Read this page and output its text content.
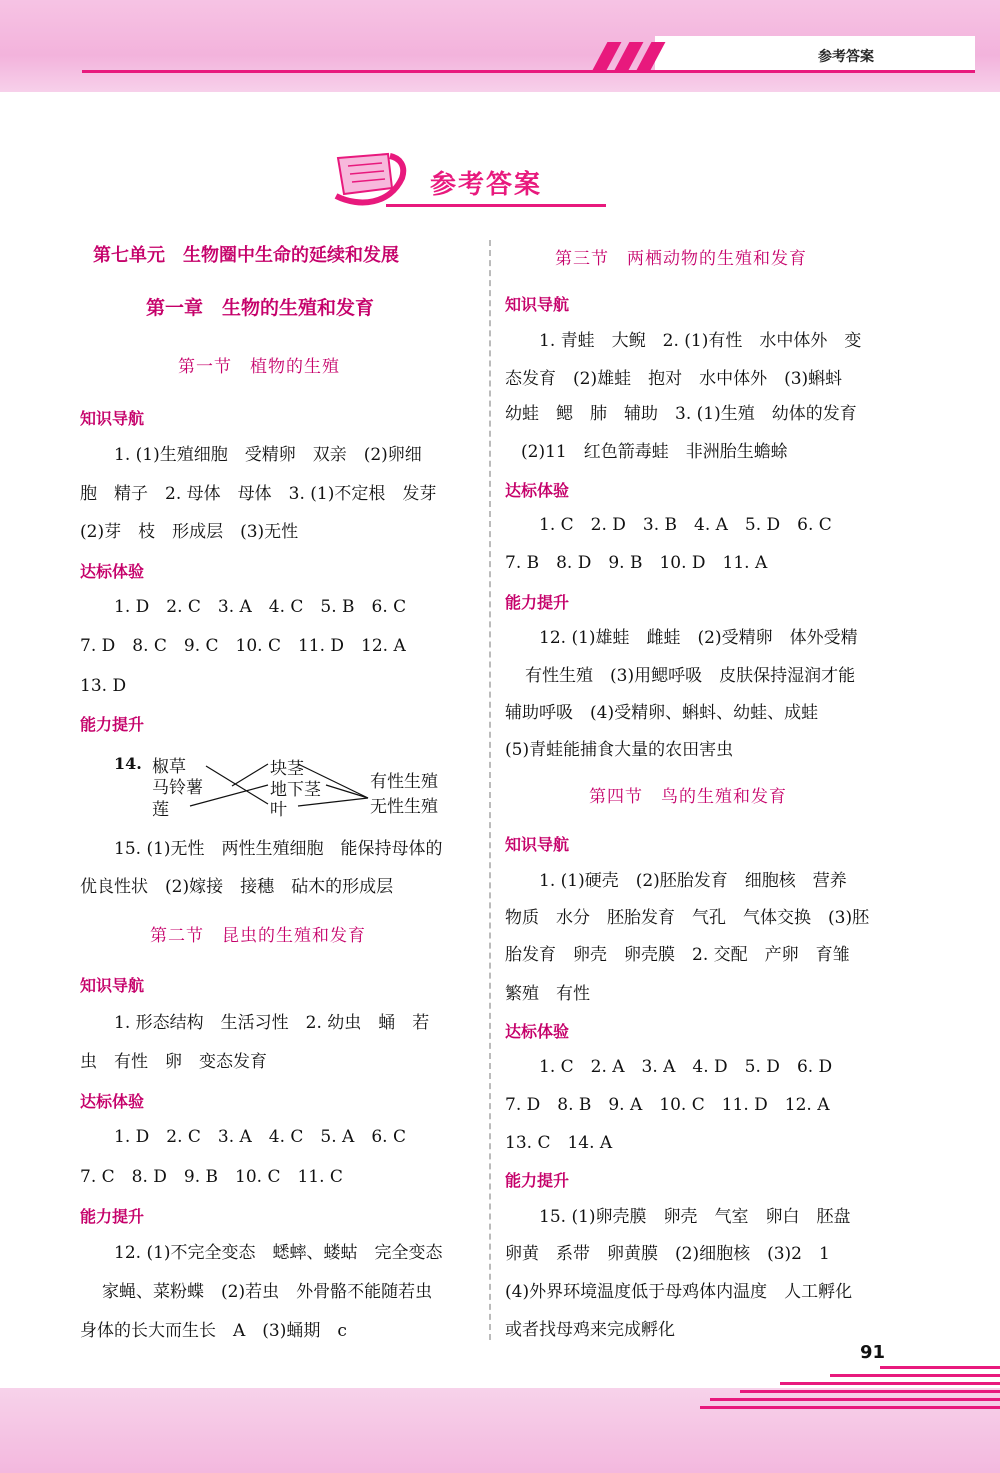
参考答案
参考答案
第七单元　生物圈中生命的延续和发展
第一章　生物的生殖和发育
第一节　植物的生殖
知识导航
1. (1)生殖细胞　受精卵　双亲　(2)卵细
胞　精子　2. 母体　母体　3. (1)不定根　发芽
(2)芽　枝　形成层　(3)无性
达标体验
1. D　2. C　3. A　4. C　5. B　6. C
7. D　8. C　9. C　10. C　11. D　12. A
13. D
能力提升
14. 椒草
马铃薯
莲
块茎
地下茎
叶
有性生殖
无性生殖
15. (1)无性　两性生殖细胞　能保持母体的
优良性状　(2)嫁接　接穗　砧木的形成层
第二节　昆虫的生殖和发育
知识导航
1. 形态结构　生活习性　2. 幼虫　蛹　若
虫　有性　卵　变态发育
达标体验
1. D　2. C　3. A　4. C　5. A　6. C
7. C　8. D　9. B　10. C　11. C
能力提升
12. (1)不完全变态　蟋蟀、蝼蛄　完全变态
家蝇、菜粉蝶　(2)若虫　外骨骼不能随若虫
身体的长大而生长　A　(3)蛹期　c
第三节　两栖动物的生殖和发育
知识导航
1. 青蛙　大鲵　2. (1)有性　水中体外　变
态发育　(2)雄蛙　抱对　水中体外　(3)蝌蚪
幼蛙　鳃　肺　辅助　3. (1)生殖　幼体的发育
(2)11　红色箭毒蛙　非洲胎生蟾蜍
达标体验
1. C　2. D　3. B　4. A　5. D　6. C
7. B　8. D　9. B　10. D　11. A
能力提升
12. (1)雄蛙　雌蛙　(2)受精卵　体外受精
有性生殖　(3)用鳃呼吸　皮肤保持湿润才能
辅助呼吸　(4)受精卵、蝌蚪、幼蛙、成蛙
(5)青蛙能捕食大量的农田害虫
第四节　鸟的生殖和发育
知识导航
1. (1)硬壳　(2)胚胎发育　细胞核　营养
物质　水分　胚胎发育　气孔　气体交换　(3)胚
胎发育　卵壳　卵壳膜　2. 交配　产卵　育雏
繁殖　有性
达标体验
1. C　2. A　3. A　4. D　5. D　6. D
7. D　8. B　9. A　10. C　11. D　12. A
13. C　14. A
能力提升
15. (1)卵壳膜　卵壳　气室　卵白　胚盘
卵黄　系带　卵黄膜　(2)细胞核　(3)2　1
(4)外界环境温度低于母鸡体内温度　人工孵化
或者找母鸡来完成孵化
91
